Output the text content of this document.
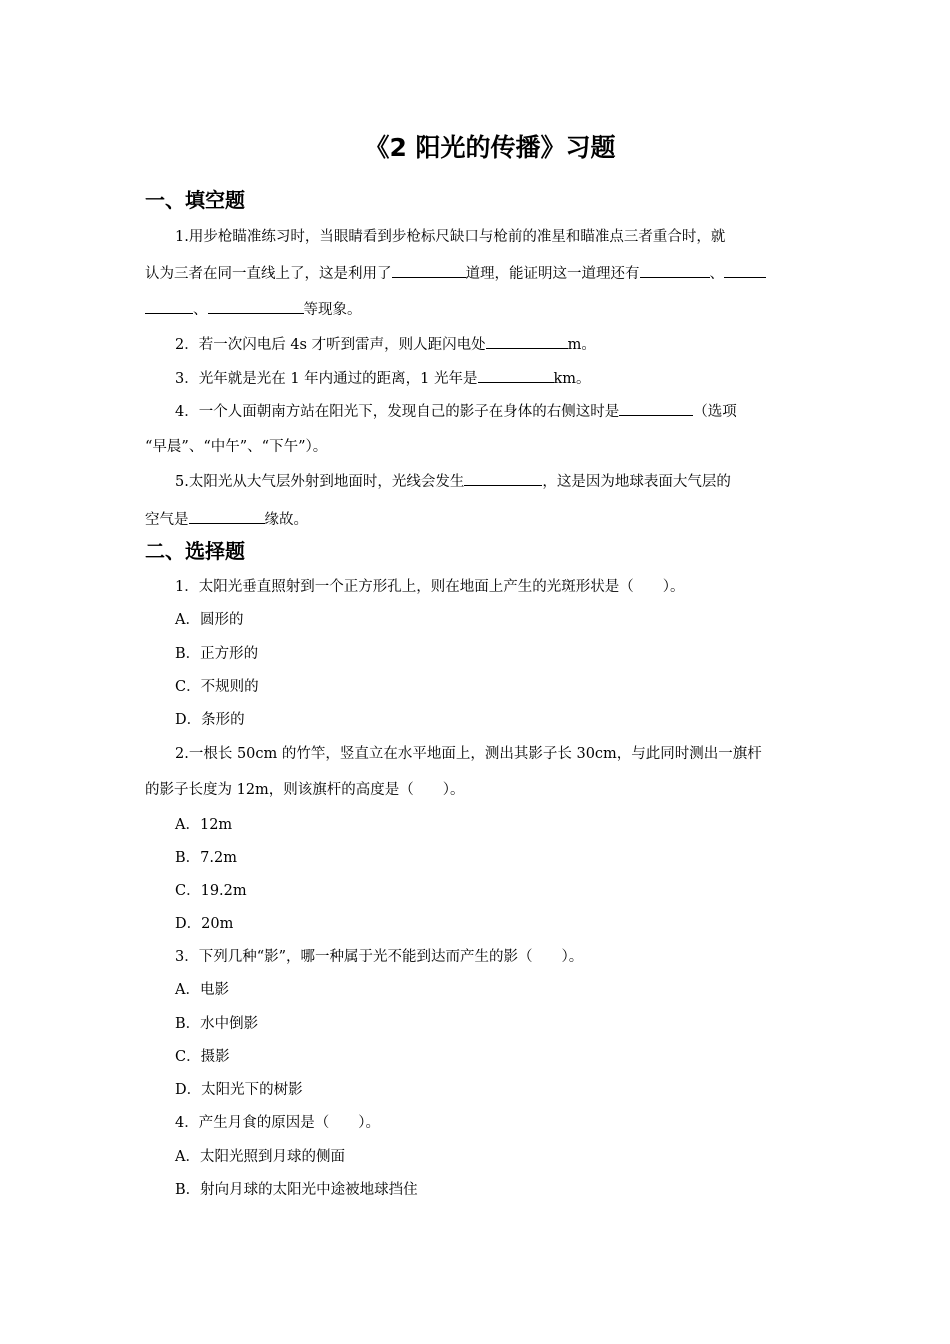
《2 阳光的传播》习题
一、填空题
1.用步枪瞄准练习时，当眼睛看到步枪标尺缺口与枪前的准星和瞄准点三者重合时，就
认为三者在同一直线上了，这是利用了	道理，能证明这一道理还有	、
、	等现象。
2．若一次闪电后 4s 才听到雷声，则人距闪电处	m。
3．光年就是光在 1 年内通过的距离，1 光年是	km。
4．一个人面朝南方站在阳光下，发现自己的影子在身体的右侧这时是	（选项
“早晨”、“中午”、“下午”）。
5.太阳光从大气层外射到地面时，光线会发生	，这是因为地球表面大气层的
空气是	缘故。
二、选择题
1．太阳光垂直照射到一个正方形孔上，则在地面上产生的光斑形状是（　　）。
A．圆形的
B．正方形的
C．不规则的
D．条形的
2.一根长 50cm 的竹竿，竖直立在水平地面上，测出其影子长 30cm，与此同时测出一旗杆
的影子长度为 12m，则该旗杆的高度是（　　）。
A．12m
B．7.2m
C．19.2m
D．20m
3．下列几种“影”，哪一种属于光不能到达而产生的影（　　）。
A．电影
B．水中倒影
C．摄影
D．太阳光下的树影
4．产生月食的原因是（　　）。
A．太阳光照到月球的侧面
B．射向月球的太阳光中途被地球挡住
